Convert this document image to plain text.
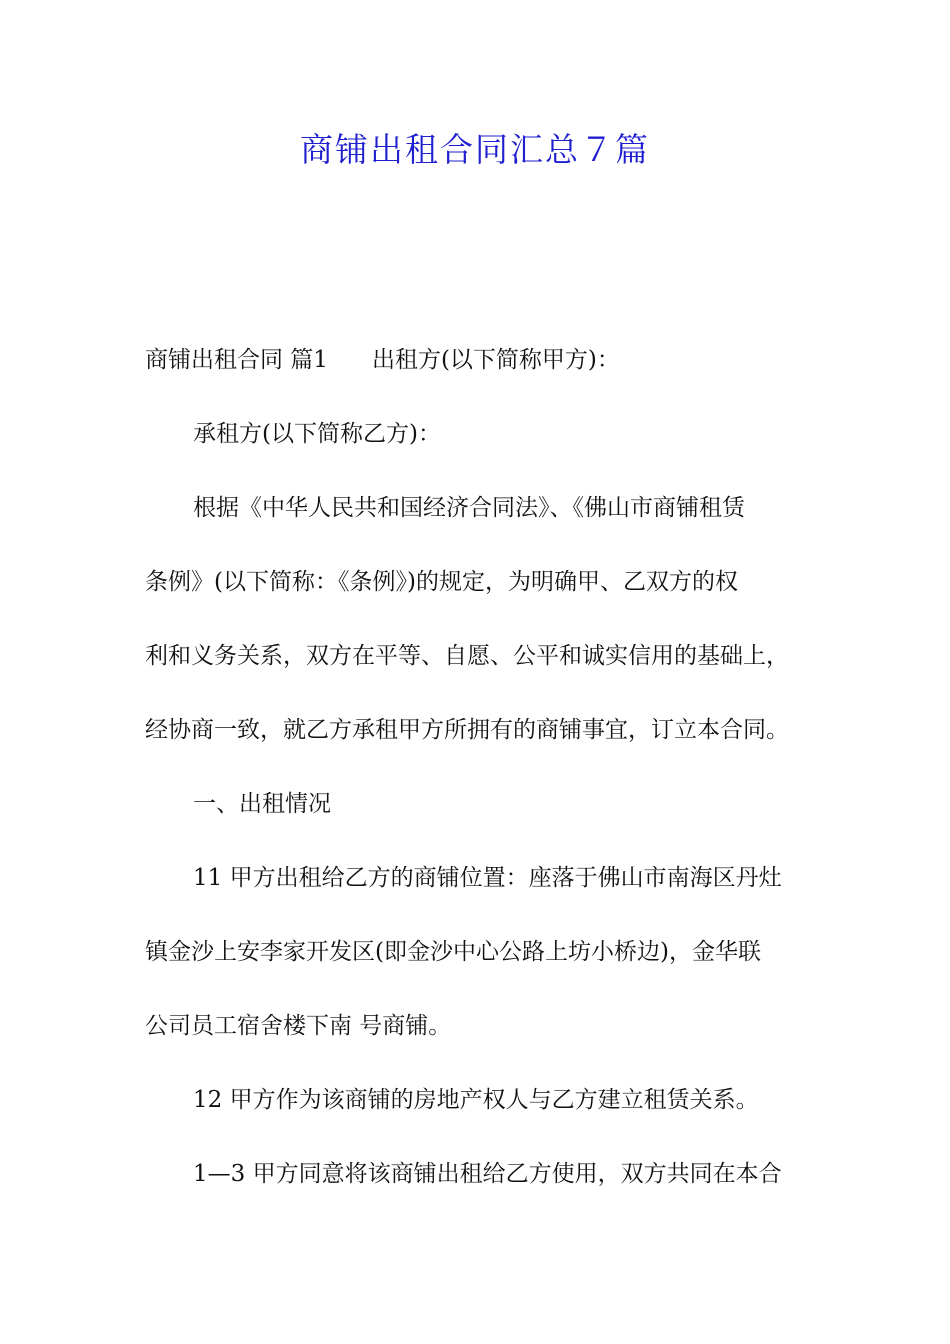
商铺出租合同汇总７篇

商铺出租合同 篇1 出租方(以下简称甲方)：

承租方(以下简称乙方)：

根据《中华人民共和国经济合同法》、《佛山市商铺租赁

条例》(以下简称：《条例》)的规定，为明确甲、乙双方的权

利和义务关系，双方在平等、自愿、公平和诚实信用的基础上，

经协商一致，就乙方承租甲方所拥有的商铺事宜，订立本合同。

一、出租情况

11 甲方出租给乙方的商铺位置：座落于佛山市南海区丹灶

镇金沙上安李家开发区(即金沙中心公路上坊小桥边)，金华联

公司员工宿舍楼下南 号商铺。

12 甲方作为该商铺的房地产权人与乙方建立租赁关系。

1—3 甲方同意将该商铺出租给乙方使用，双方共同在本合
